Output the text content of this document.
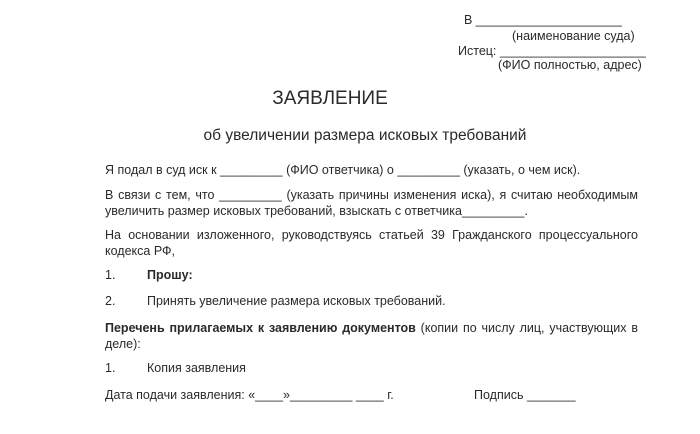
В _____________________
(наименование суда)
Истец: _____________________
(ФИО полностью, адрес)
ЗАЯВЛЕНИЕ
об увеличении размера исковых требований
Я подал в суд иск к _________ (ФИО ответчика) о _________ (указать, о чем иск).
В связи с тем, что _________ (указать причины изменения иска), я считаю необходимым увеличить размер исковых требований, взыскать с ответчика_________.
На основании изложенного, руководствуясь статьей 39 Гражданского процессуального кодекса РФ,
1.	Прошу:
2.	Принять увеличение размера исковых требований.
Перечень прилагаемых к заявлению документов (копии по числу лиц, участвующих в деле):
1.	Копия заявления
Дата подачи заявления: «____»_________ ____ г.	Подпись _______
